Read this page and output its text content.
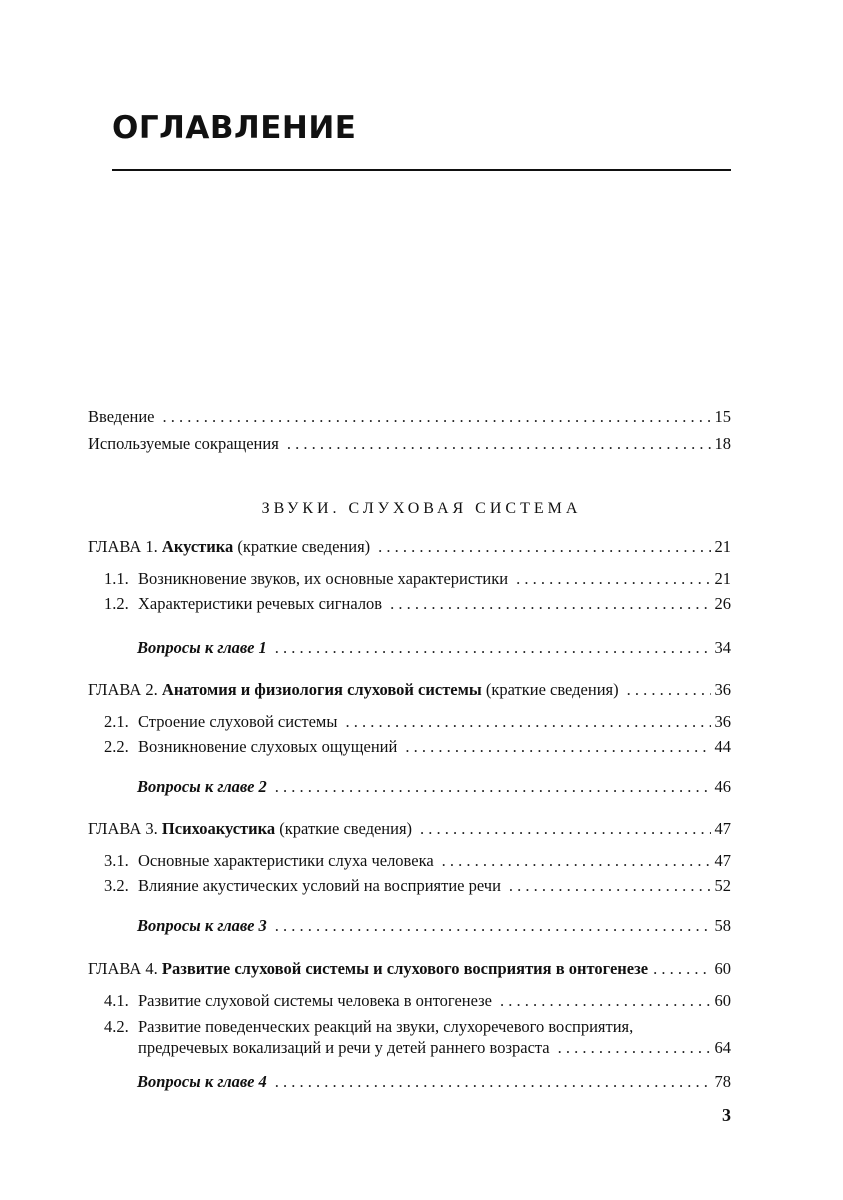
ОГЛАВЛЕНИЕ
Введение . . .	15
Используемые сокращения . . .	18
ЗВУКИ. СЛУХОВАЯ СИСТЕМА
ГЛАВА 1. Акустика (краткие сведения) . . .	21
1.1. Возникновение звуков, их основные характеристики . . .	21
1.2. Характеристики речевых сигналов . . .	26
Вопросы к главе 1 . . .	34
ГЛАВА 2. Анатомия и физиология слуховой системы (краткие сведения) . . .	36
2.1. Строение слуховой системы . . .	36
2.2. Возникновение слуховых ощущений . . .	44
Вопросы к главе 2 . . .	46
ГЛАВА 3. Психоакустика (краткие сведения) . . .	47
3.1. Основные характеристики слуха человека . . .	47
3.2. Влияние акустических условий на восприятие речи . . .	52
Вопросы к главе 3 . . .	58
ГЛАВА 4. Развитие слуховой системы и слухового восприятия в онтогенезе . . .	60
4.1. Развитие слуховой системы человека в онтогенезе . . .	60
4.2. Развитие поведенческих реакций на звуки, слухоречевого восприятия,
предречевых вокализаций и речи у детей раннего возраста . . .	64
Вопросы к главе 4 . . .	78
3
